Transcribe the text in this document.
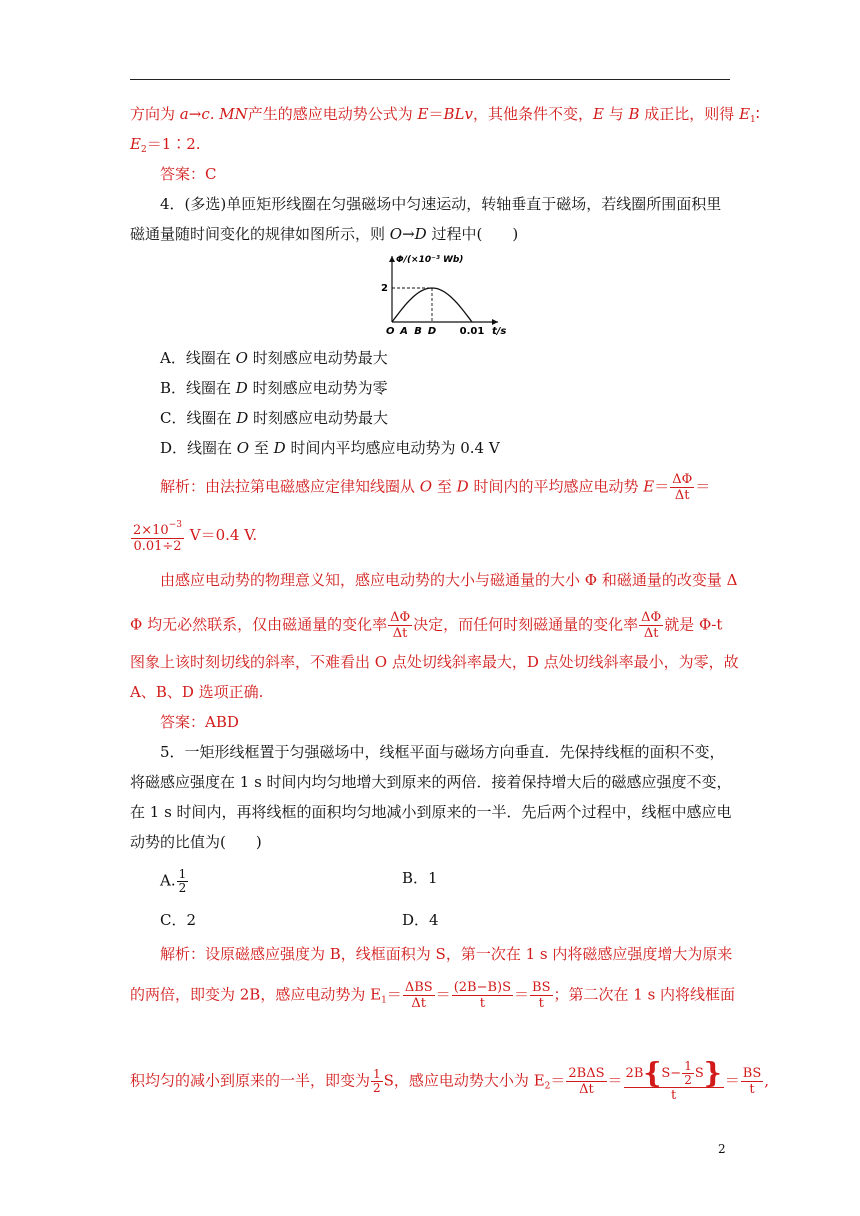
方向为 a→c. MN产生的感应电动势公式为 E＝BLv，其他条件不变，E 与 B 成正比，则得 $E_1∶$
$E_2=1∶2$.
答案：C
4．(多选)单匝矩形线圈在匀强磁场中匀速运动，转轴垂直于磁场，若线圈所围面积里
磁通量随时间变化的规律如图所示，则 O→D 过程中(　　)
Φ/(×10⁻³ Wb)
2
t/s
O A B D 0.01
A．线圈在 O 时刻感应电动势最大
B．线圈在 D 时刻感应电动势为零
C．线圈在 D 时刻感应电动势最大
D．线圈在 O 至 D 时间内平均感应电动势为 0.4 V
解析：由法拉第电磁感应定律知线圈从 O 至 D 时间内的平均感应电动势 $E= \frac{\Delta\Phi}{\Delta t}$ ＝
$\frac{2\times 10^{-3}}{0.01\div 2} V=0.4$ V.
由感应电动势的物理意义知，感应电动势的大小与磁通量的大小 Φ 和磁通量的改变量 Δ
Φ 均无必然联系，仅由磁通量的变化率 $\frac{\Delta\Phi}{\Delta t}$ 决定，而任何时刻磁通量的变化率 $\frac{\Delta\Phi}{\Delta t}$ 就是 Φ-t
图象上该时刻切线的斜率，不难看出 O 点处切线斜率最大，D 点处切线斜率最小，为零，故
A、B、D 选项正确.
答案：ABD
5．一矩形线框置于匀强磁场中，线框平面与磁场方向垂直．先保持线框的面积不变，
将磁感应强度在 1 s 时间内均匀地增大到原来的两倍．接着保持增大后的磁感应强度不变，
在 1 s 时间内，再将线框的面积均匀地减小到原来的一半．先后两个过程中，线框中感应电
动势的比值为(　　)
A. $\frac{1}{2}$	B．1
C．2	D．4
解析：设原磁感应强度为 B，线框面积为 S，第一次在 1 s 内将磁感应强度增大为原来
的两倍，即变为 2B，感应电动势为 $E_1= \frac{\text{ΔBS}}{\Delta t} = \frac{(2B-B)S}{t} = \frac{BS}{t}$ ；第二次在 1 s 内将线框面
积均匀的减小到原来的一半，即变为 $\frac{1}{2}$ S，感应电动势大小为 $E_2= \frac{\text{2BΔS}}{\Delta t} = \frac{2B\{S- \frac{1}{2} S\}}{t} = \frac{BS}{t}$ ,
2
